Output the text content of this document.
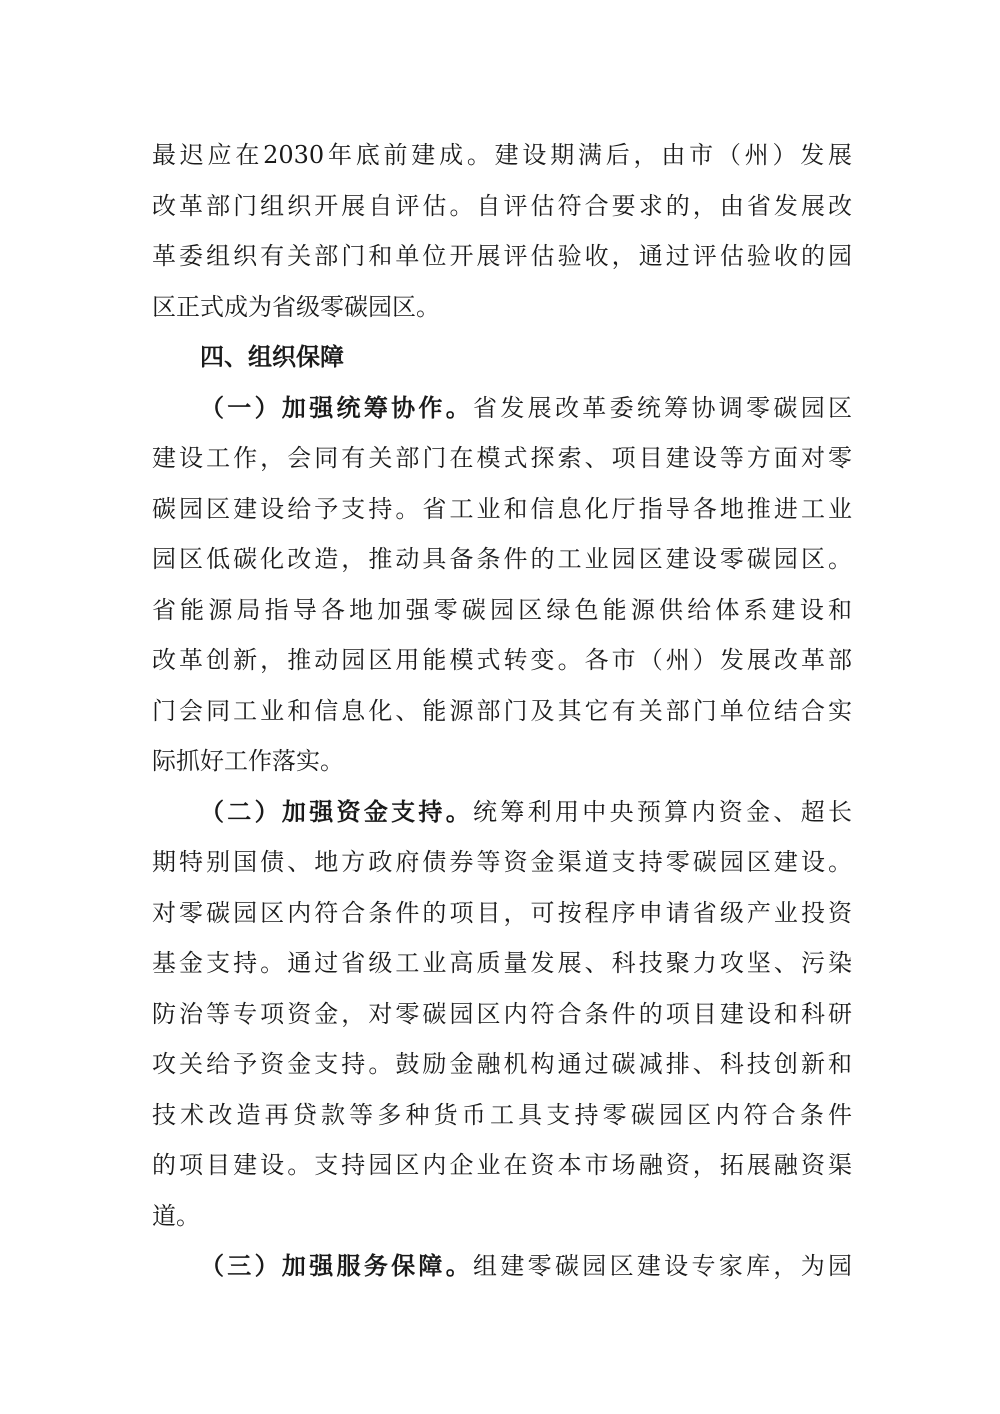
最迟应在2030年底前建成。建设期满后，由市（州）发展
改革部门组织开展自评估。自评估符合要求的，由省发展改
革委组织有关部门和单位开展评估验收，通过评估验收的园
区正式成为省级零碳园区。
四、组织保障
（一）加强统筹协作。省发展改革委统筹协调零碳园区
建设工作，会同有关部门在模式探索、项目建设等方面对零
碳园区建设给予支持。省工业和信息化厅指导各地推进工业
园区低碳化改造，推动具备条件的工业园区建设零碳园区。
省能源局指导各地加强零碳园区绿色能源供给体系建设和
改革创新，推动园区用能模式转变。各市（州）发展改革部
门会同工业和信息化、能源部门及其它有关部门单位结合实
际抓好工作落实。
（二）加强资金支持。统筹利用中央预算内资金、超长
期特别国债、地方政府债券等资金渠道支持零碳园区建设。
对零碳园区内符合条件的项目，可按程序申请省级产业投资
基金支持。通过省级工业高质量发展、科技聚力攻坚、污染
防治等专项资金，对零碳园区内符合条件的项目建设和科研
攻关给予资金支持。鼓励金融机构通过碳减排、科技创新和
技术改造再贷款等多种货币工具支持零碳园区内符合条件
的项目建设。支持园区内企业在资本市场融资，拓展融资渠
道。
（三）加强服务保障。组建零碳园区建设专家库，为园
